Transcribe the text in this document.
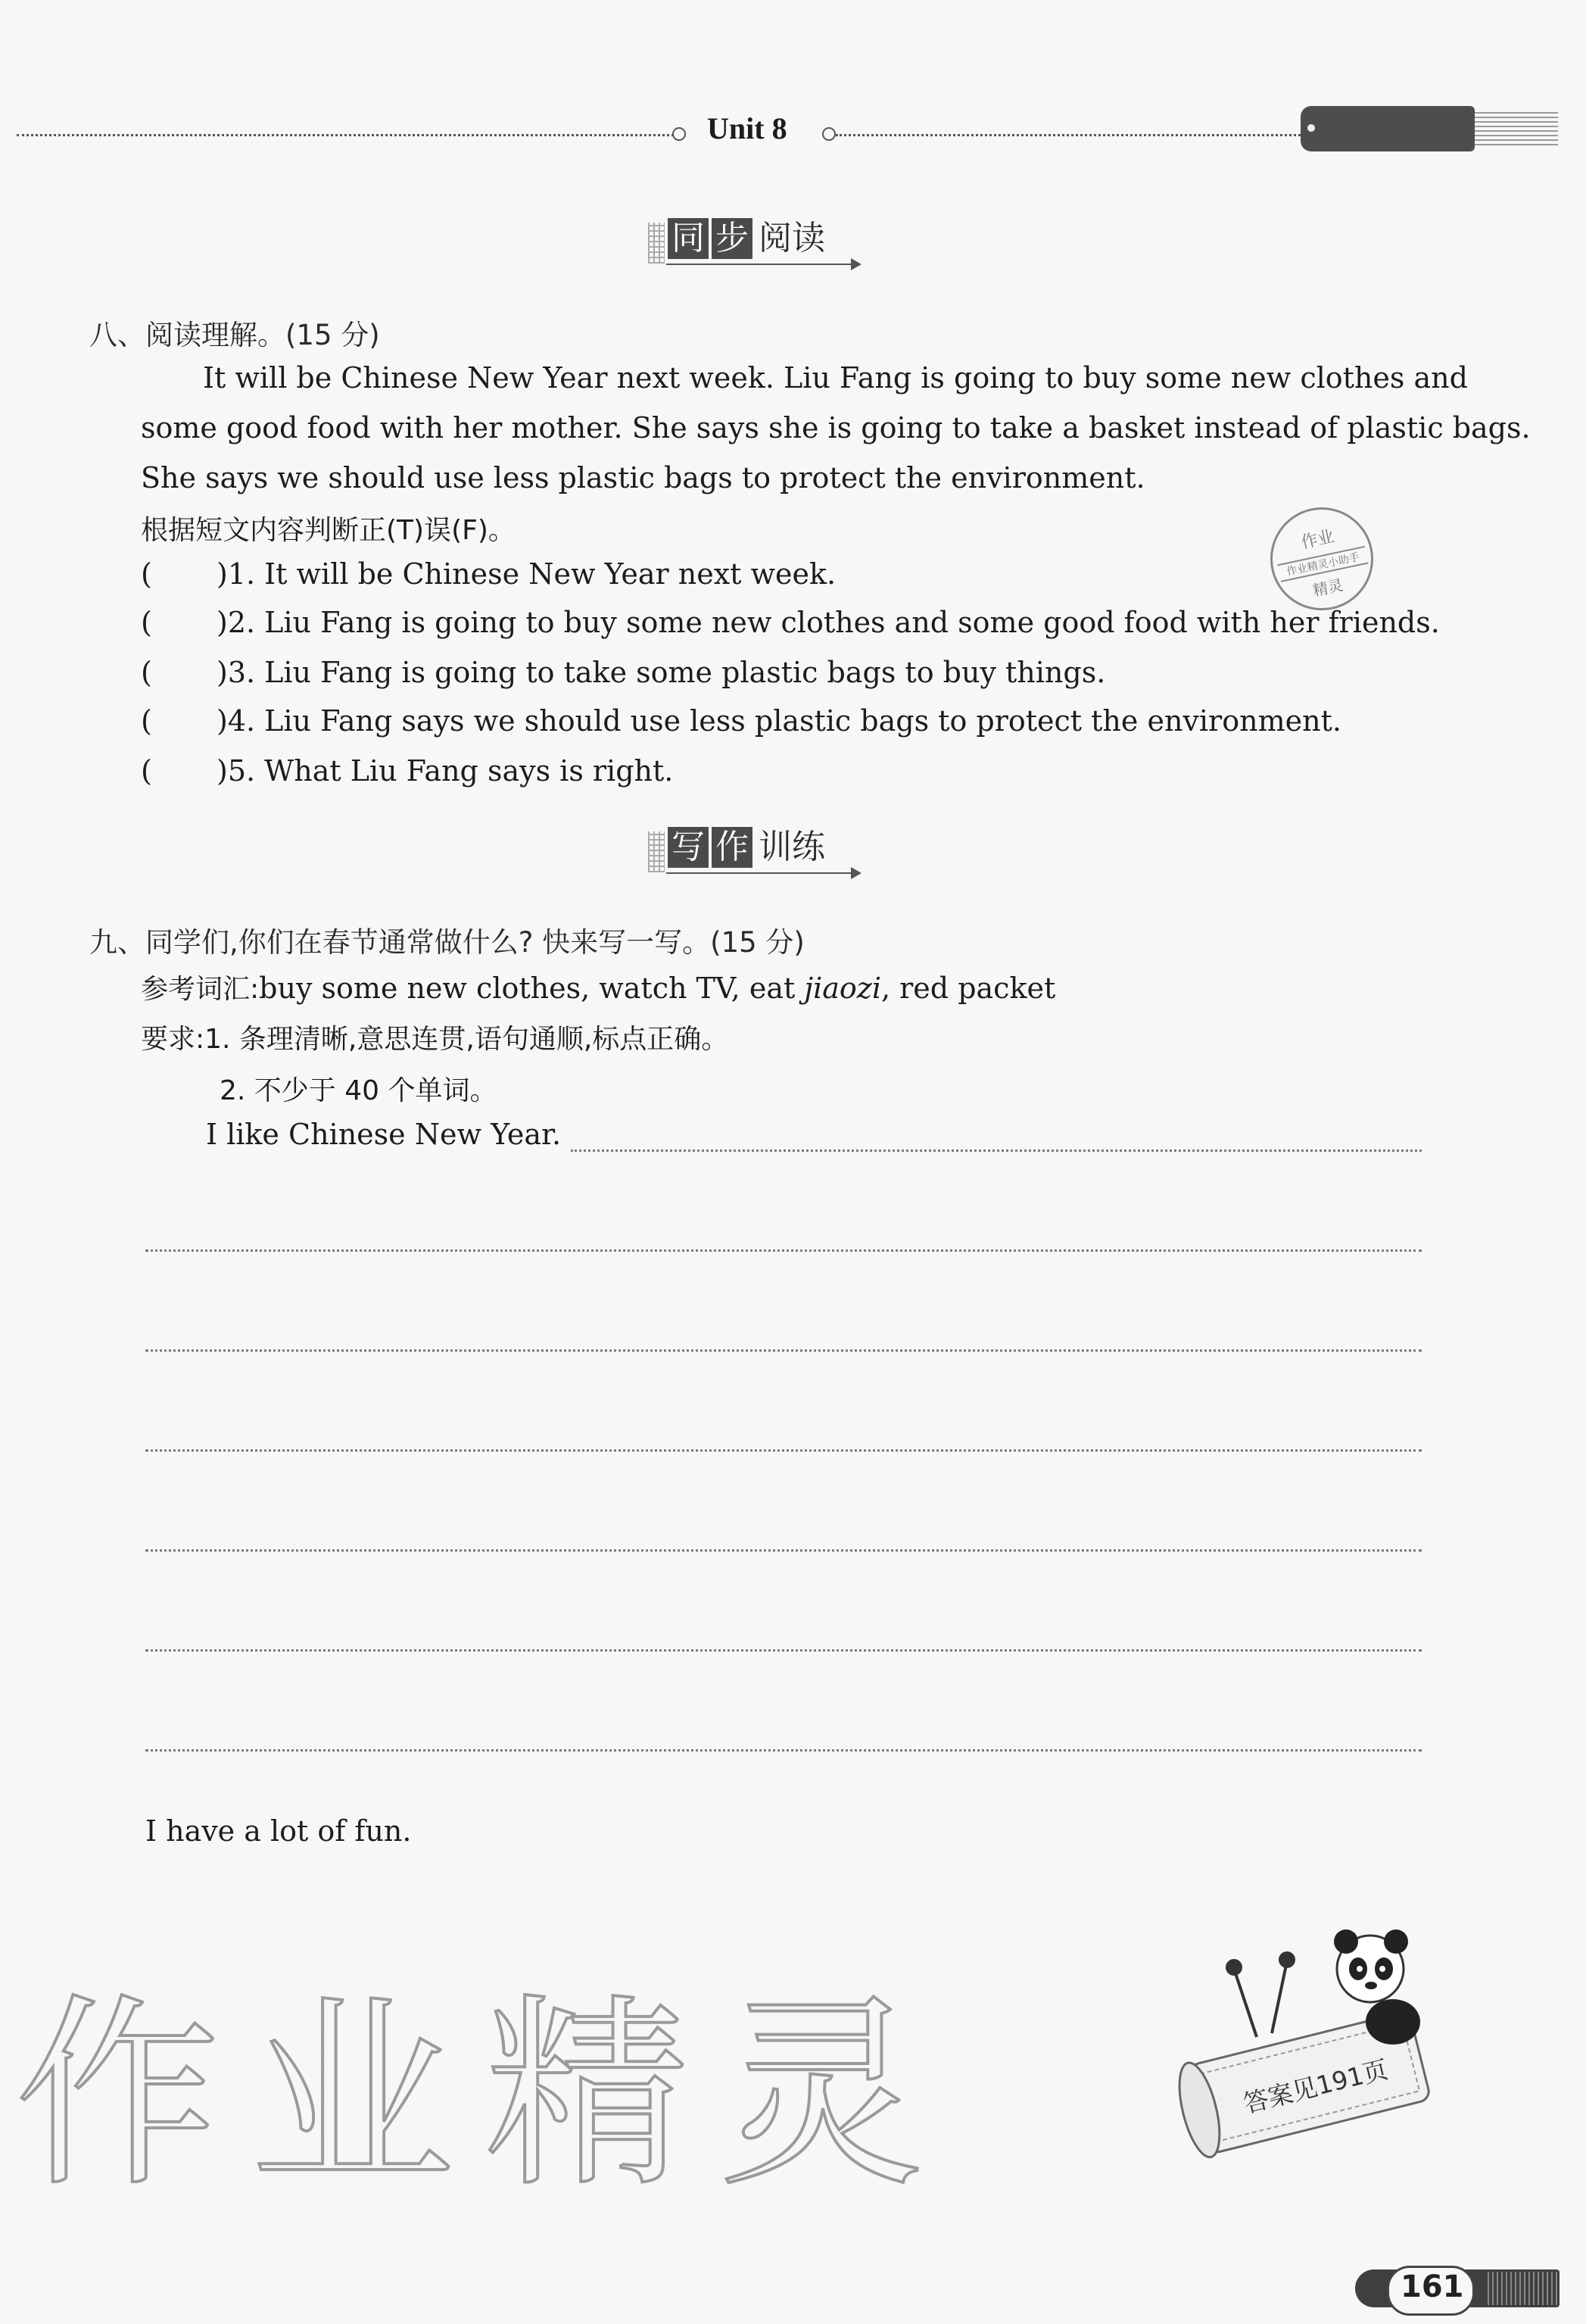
Unit 8
同 步 阅读
八、阅读理解。(15 分)

It will be Chinese New Year next week. Liu Fang is going to buy some new clothes and

some good food with her mother. She says she is going to take a basket instead of plastic bags.

She says we should use less plastic bags to protect the environment.

根据短文内容判断正(T)误(F)。
( )1. It will be Chinese New Year next week.
( )2. Liu Fang is going to buy some new clothes and some good food with her friends.
( )3. Liu Fang is going to take some plastic bags to buy things.
( )4. Liu Fang says we should use less plastic bags to protect the environment.
( )5. What Liu Fang says is right.
作业
作业精灵小助手
精灵
写 作 训练
九、同学们,你们在春节通常做什么? 快来写一写。(15 分)
参考词汇:buy some new clothes, watch TV, eat jiaozi, red packet
要求:1. 条理清晰,意思连贯,语句通顺,标点正确。
2. 不少于 40 个单词。
I like Chinese New Year.
I have a lot of fun.
作业精灵	答案见191页
161
